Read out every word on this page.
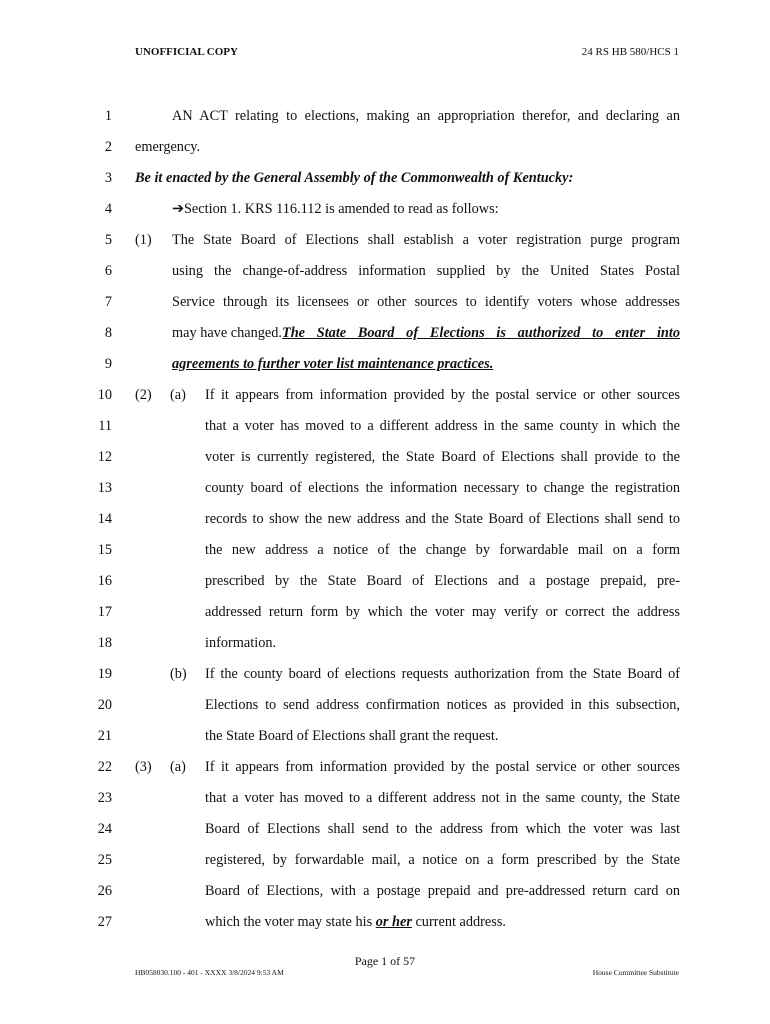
UNOFFICIAL COPY	24 RS HB 580/HCS 1
1	AN ACT relating to elections, making an appropriation therefor, and declaring an
2 emergency.
3 Be it enacted by the General Assembly of the Commonwealth of Kentucky:
4	➔Section 1. KRS 116.112 is amended to read as follows:
5 (1) The State Board of Elections shall establish a voter registration purge program
6	using the change-of-address information supplied by the United States Postal
7	Service through its licensees or other sources to identify voters whose addresses
8	may have changed. The State Board of Elections is authorized to enter into
9	agreements to further voter list maintenance practices.
10 (2) (a) If it appears from information provided by the postal service or other sources
11	that a voter has moved to a different address in the same county in which the
12	voter is currently registered, the State Board of Elections shall provide to the
13	county board of elections the information necessary to change the registration
14	records to show the new address and the State Board of Elections shall send to
15	the new address a notice of the change by forwardable mail on a form
16	prescribed by the State Board of Elections and a postage prepaid, pre-
17	addressed return form by which the voter may verify or correct the address
18	information.
19	(b) If the county board of elections requests authorization from the State Board of
20	Elections to send address confirmation notices as provided in this subsection,
21	the State Board of Elections shall grant the request.
22 (3) (a) If it appears from information provided by the postal service or other sources
23	that a voter has moved to a different address not in the same county, the State
24	Board of Elections shall send to the address from which the voter was last
25	registered, by forwardable mail, a notice on a form prescribed by the State
26	Board of Elections, with a postage prepaid and pre-addressed return card on
27	which the voter may state his or her current address.
Page 1 of 57
HB058030.100 - 401 - XXXX 3/8/2024 9:53 AM	House Committee Substitute
